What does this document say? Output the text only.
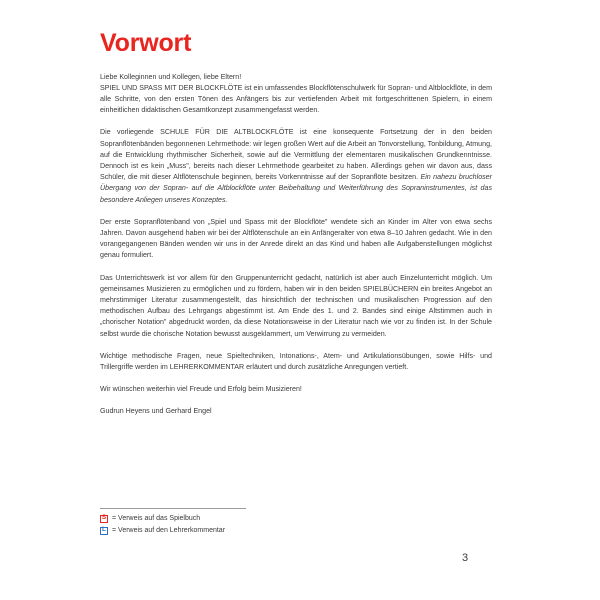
Vorwort

Liebe Kolleginnen und Kollegen, liebe Eltern!

SPIEL UND SPASS MIT DER BLOCKFLÖTE ist ein umfassendes Blockflötenschulwerk für Sopran- und Altblockflöte, in dem alle Schritte, von den ersten Tönen des Anfängers bis zur vertiefenden Arbeit mit fortgeschrittenen Spielern, in einem einheitlichen didaktischen Gesamtkonzept zusammengefasst werden.

Die vorliegende SCHULE FÜR DIE ALTBLOCKFLÖTE ist eine konsequente Fortsetzung der in den beiden Sopranflötenbänden begonnenen Lehrmethode: wir legen großen Wert auf die Arbeit an Tonvorstellung, Tonbildung, Atmung, auf die Entwicklung rhythmischer Sicherheit, sowie auf die Vermittlung der elementaren musikalischen Grundkenntnisse. Dennoch ist es kein „Muss", bereits nach dieser Lehrmethode gearbeitet zu haben. Allerdings gehen wir davon aus, dass Schüler, die mit dieser Altflötenschule beginnen, bereits Vorkenntnisse auf der Sopranflöte besitzen. Ein nahezu bruchloser Übergang von der Sopran- auf die Altblockflöte unter Beibehaltung und Weiterführung des Sopraninstrumentes, ist das besondere Anliegen unseres Konzeptes.

Der erste Sopranflötenband von „Spiel und Spass mit der Blockflöte" wendete sich an Kinder im Alter von etwa sechs Jahren. Davon ausgehend haben wir bei der Altflötenschule an ein Anfängeralter von etwa 8–10 Jahren gedacht. Wie in den vorangegangenen Bänden wenden wir uns in der Anrede direkt an das Kind und haben alle Aufgabenstellungen möglichst genau formuliert.

Das Unterrichtswerk ist vor allem für den Gruppenunterricht gedacht, natürlich ist aber auch Einzelunterricht möglich. Um gemeinsames Musizieren zu ermöglichen und zu fördern, haben wir in den beiden SPIELBÜCHERN ein breites Angebot an mehrstimmiger Literatur zusammengestellt, das hinsichtlich der technischen und musikalischen Progression auf den methodischen Aufbau des Lehrgangs abgestimmt ist. Am Ende des 1. und 2. Bandes sind einige Altstimmen auch in „chorischer Notation" abgedruckt worden, da diese Notationsweise in der Literatur nach wie vor zu finden ist. In der Schule selbst wurde die chorische Notation bewusst ausgeklammert, um Verwirrung zu vermeiden.

Wichtige methodische Fragen, neue Spieltechniken, Intonations-, Atem- und Artikulationsübungen, sowie Hilfs- und Trillergriffe werden im LEHRERKOMMENTAR erläutert und durch zusätzliche Anregungen vertieft.

Wir wünschen weiterhin viel Freude und Erfolg beim Musizieren!

Gudrun Heyens und Gerhard Engel

S = Verweis auf das Spielbuch
L = Verweis auf den Lehrerkommentar
3
